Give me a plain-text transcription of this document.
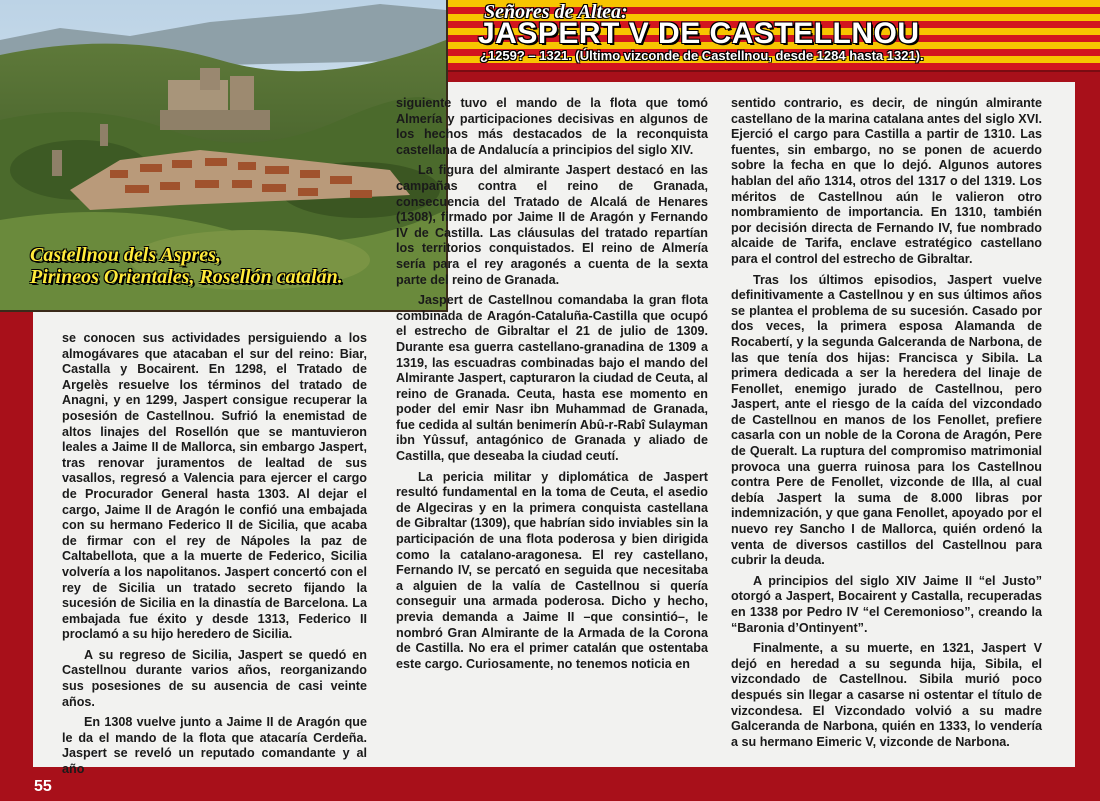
Señores de Altea:

JASPERT V DE CASTELLNOU

¿1259? – 1321. (Último vizconde de Castellnou, desde 1284 hasta 1321).

Castellnou dels Aspres,
Pirineos Orientales, Rosellón catalán.

se conocen sus actividades persiguiendo a los almogávares que atacaban el sur del reino: Biar, Castalla y Bocairent. En 1298, el Tratado de Argelès resuelve los términos del tratado de Anagni, y en 1299, Jaspert consigue recuperar la posesión de Castellnou. Sufrió la enemistad de altos linajes del Rosellón que se mantuvieron leales a Jaime II de Mallorca, sin embargo Jaspert, tras renovar juramentos de lealtad de sus vasallos, regresó a Valencia para ejercer el cargo de Procurador General hasta 1303. Al dejar el cargo, Jaime II de Aragón le confió una embajada con su hermano Federico II de Sicilia, que acaba de firmar con el rey de Nápoles la paz de Caltabellota, que a la muerte de Federico, Sicilia volvería a los napolitanos. Jaspert concertó con el rey de Sicilia un tratado secreto fijando la sucesión de Sicilia en la dinastía de Barcelona. La embajada fue éxito y desde 1313, Federico II proclamó a su hijo heredero de Sicilia.

A su regreso de Sicilia, Jaspert se quedó en Castellnou durante varios años, reorganizando sus posesiones de su ausencia de casi veinte años.

En 1308 vuelve junto a Jaime II de Aragón que le da el mando de la flota que atacaría Cerdeña. Jaspert se reveló un reputado comandante y al año

siguiente tuvo el mando de la flota que tomó Almería y participaciones decisivas en algunos de los hechos más destacados de la reconquista castellana de Andalucía a principios del siglo XIV.

La figura del almirante Jaspert destacó en las campañas contra el reino de Granada, consecuencia del Tratado de Alcalá de Henares (1308), firmado por Jaime II de Aragón y Fernando IV de Castilla. Las cláusulas del tratado repartían los territorios conquistados. El reino de Almería sería para el rey aragonés a cuenta de la sexta parte del reino de Granada.

Jaspert de Castellnou comandaba la gran flota combinada de Aragón-Cataluña-Castilla que ocupó el estrecho de Gibraltar el 21 de julio de 1309. Durante esa guerra castellano-granadina de 1309 a 1319, las escuadras combinadas bajo el mando del Almirante Jaspert, capturaron la ciudad de Ceuta, al reino de Granada. Ceuta, hasta ese momento en poder del emir Nasr ibn Muhammad de Granada, fue cedida al sultán benimerín Abû-r-Rabî Sulayman ibn Yûssuf, antagónico de Granada y aliado de Castilla, que deseaba la ciudad ceutí.

La pericia militar y diplomática de Jaspert resultó fundamental en la toma de Ceuta, el asedio de Algeciras y en la primera conquista castellana de Gibraltar (1309), que habrían sido inviables sin la participación de una flota poderosa y bien dirigida como la catalano-aragonesa. El rey castellano, Fernando IV, se percató en seguida que necesitaba a alguien de la valía de Castellnou si quería conseguir una armada poderosa. Dicho y hecho, previa demanda a Jaime II –que consintió–, le nombró Gran Almirante de la Armada de la Corona de Castilla. No era el primer catalán que ostentaba este cargo. Curiosamente, no tenemos noticia en

sentido contrario, es decir, de ningún almirante castellano de la marina catalana antes del siglo XVI. Ejerció el cargo para Castilla a partir de 1310. Las fuentes, sin embargo, no se ponen de acuerdo sobre la fecha en que lo dejó. Algunos autores hablan del año 1314, otros del 1317 o del 1319. Los méritos de Castellnou aún le valieron otro nombramiento de importancia. En 1310, también por decisión directa de Fernando IV, fue nombrado alcaide de Tarifa, enclave estratégico castellano para el control del estrecho de Gibraltar.

Tras los últimos episodios, Jaspert vuelve definitivamente a Castellnou y en sus últimos años se plantea el problema de su sucesión. Casado por dos veces, la primera esposa Alamanda de Rocabertí, y la segunda Galceranda de Narbona, de las que tenía dos hijas: Francisca y Sibila. La primera dedicada a ser la heredera del linaje de Fenollet, enemigo jurado de Castellnou, pero Jaspert, ante el riesgo de la caída del vizcondado de Castellnou en manos de los Fenollet, prefiere casarla con un noble de la Corona de Aragón, Pere de Queralt. La ruptura del compromiso matrimonial provoca una guerra ruinosa para los Castellnou contra Pere de Fenollet, vizconde de Illa, al cual debía Jaspert la suma de 8.000 libras por indemnización, y que gana Fenollet, apoyado por el nuevo rey Sancho I de Mallorca, quién ordenó la venta de diversos castillos del Castellnou para cubrir la deuda.

A principios del siglo XIV Jaime II “el Justo” otorgó a Jaspert, Bocairent y Castalla, recuperadas en 1338 por Pedro IV “el Ceremonioso”, creando la “Baronia d’Ontinyent”.

Finalmente, a su muerte, en 1321, Jaspert V dejó en heredad a su segunda hija, Sibila, el vizcondado de Castellnou. Sibila murió poco después sin llegar a casarse ni ostentar el título de vizcondesa. El Vizcondado volvió a su madre Galceranda de Narbona, quién en 1333, lo vendería a su hermano Eimeric V, vizconde de Narbona.

55
